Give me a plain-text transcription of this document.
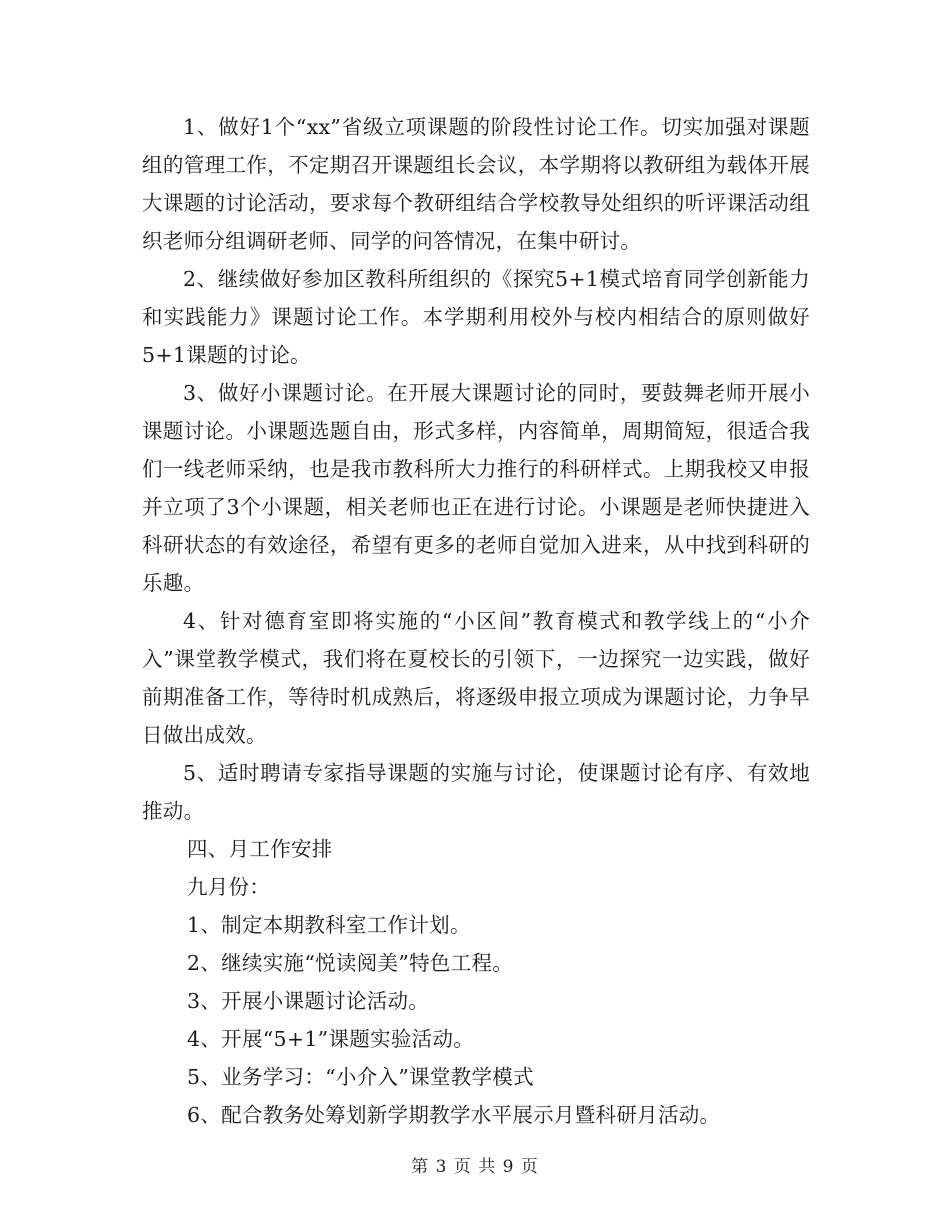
1、做好1个“xx”省级立项课题的阶段性讨论工作。切实加强对课题组的管理工作，不定期召开课题组长会议，本学期将以教研组为载体开展大课题的讨论活动，要求每个教研组结合学校教导处组织的听评课活动组织老师分组调研老师、同学的问答情况，在集中研讨。

2、继续做好参加区教科所组织的《探究5+1模式培育同学创新能力和实践能力》课题讨论工作。本学期利用校外与校内相结合的原则做好5+1课题的讨论。

3、做好小课题讨论。在开展大课题讨论的同时，要鼓舞老师开展小课题讨论。小课题选题自由，形式多样，内容简单，周期简短，很适合我们一线老师采纳，也是我市教科所大力推行的科研样式。上期我校又申报并立项了3个小课题，相关老师也正在进行讨论。小课题是老师快捷进入科研状态的有效途径，希望有更多的老师自觉加入进来，从中找到科研的乐趣。

4、针对德育室即将实施的“小区间”教育模式和教学线上的“小介入”课堂教学模式，我们将在夏校长的引领下，一边探究一边实践，做好前期准备工作，等待时机成熟后，将逐级申报立项成为课题讨论，力争早日做出成效。

5、适时聘请专家指导课题的实施与讨论，使课题讨论有序、有效地推动。

四、月工作安排

九月份：

1、制定本期教科室工作计划。

2、继续实施“悦读阅美”特色工程。

3、开展小课题讨论活动。

4、开展“5+1”课题实验活动。

5、业务学习：“小介入”课堂教学模式

6、配合教务处筹划新学期教学水平展示月暨科研月活动。

第 3 页 共 9 页
